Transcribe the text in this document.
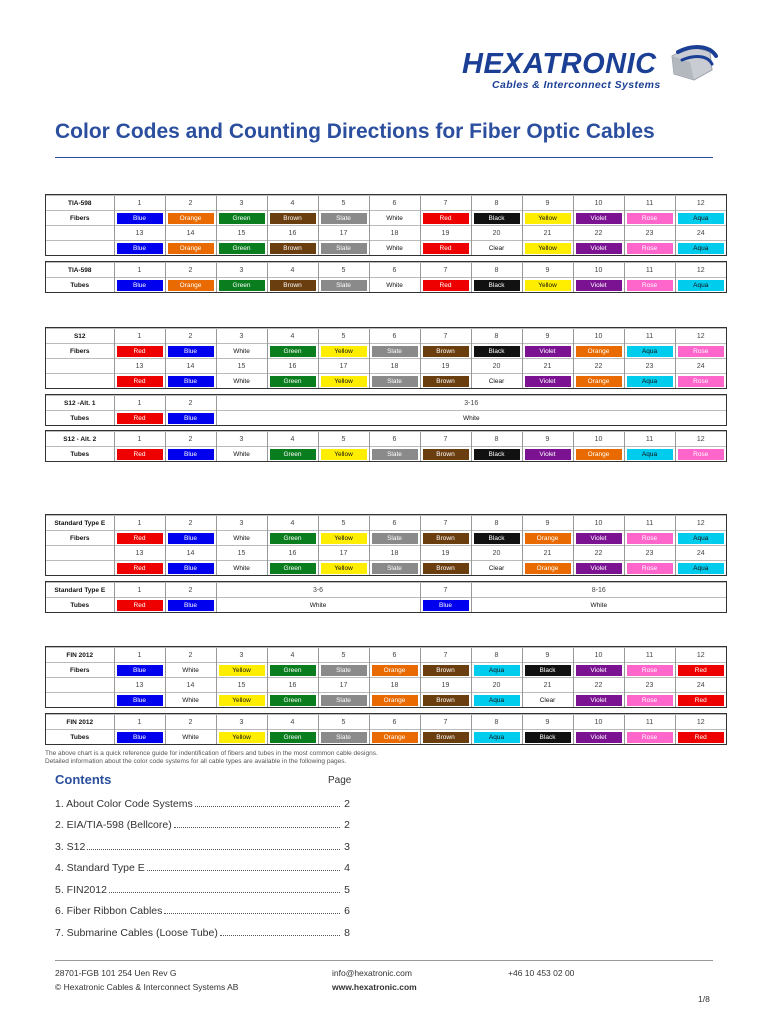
HEXATRONIC
Cables & Interconnect Systems
Color Codes and Counting Directions for Fiber Optic Cables
TIA-598	1	2	3	4	5	6	7	8	9	10	11	12
Fibers	Blue	Orange	Green	Brown	Slate	White	Red	Black	Yellow	Violet	Rose	Aqua

	13	14	15	16	17	18	19	20	21	22	23	24

	Blue	Orange	Green	Brown	Slate	White	Red	Clear	Yellow	Violet	Rose	Aqua
TIA-598	1	2	3	4	5	6	7	8	9	10	11	12
Tubes	Blue	Orange	Green	Brown	Slate	White	Red	Black	Yellow	Violet	Rose	Aqua
S12	1	2	3	4	5	6	7	8	9	10	11	12
Fibers	Red	Blue	White	Green	Yellow	Slate	Brown	Black	Violet	Orange	Aqua	Rose

	13	14	15	16	17	18	19	20	21	22	23	24

	Red	Blue	White	Green	Yellow	Slate	Brown	Clear	Violet	Orange	Aqua	Rose
S12 -Alt. 1	1	2	3-16
Tubes	Red	Blue	White
S12 - Alt. 2	1	2	3	4	5	6	7	8	9	10	11	12
Tubes	Red	Blue	White	Green	Yellow	Slate	Brown	Black	Violet	Orange	Aqua	Rose
Standard Type E	1	2	3	4	5	6	7	8	9	10	11	12
Fibers	Red	Blue	White	Green	Yellow	Slate	Brown	Black	Orange	Violet	Rose	Aqua

	13	14	15	16	17	18	19	20	21	22	23	24

	Red	Blue	White	Green	Yellow	Slate	Brown	Clear	Orange	Violet	Rose	Aqua
Standard Type E	1	2	3-6	7	8-16
Tubes	Red	Blue	White	Blue	White
FIN 2012	1	2	3	4	5	6	7	8	9	10	11	12
Fibers	Blue	White	Yellow	Green	Slate	Orange	Brown	Aqua	Black	Violet	Rose	Red

	13	14	15	16	17	18	19	20	21	22	23	24

	Blue	White	Yellow	Green	Slate	Orange	Brown	Aqua	Clear	Violet	Rose	Red
FIN 2012	1	2	3	4	5	6	7	8	9	10	11	12
Tubes	Blue	White	Yellow	Green	Slate	Orange	Brown	Aqua	Black	Violet	Rose	Red
The above chart is a quick reference guide for indentification of fibers and tubes in the most common cable designs.
Detailed information about the color code systems for all cable types are available in the following pages.
Contents	Page
1. About Color Code Systems	2
2. EIA/TIA-598 (Bellcore)	2
3. S12	3
4. Standard Type E	4
5. FIN2012	5
6. Fiber Ribbon Cables	6
7. Submarine Cables (Loose Tube)	8
28701-FGB 101 254 Uen Rev G
© Hexatronic Cables & Interconnect Systems AB
info@hexatronic.com
www.hexatronic.com
+46 10 453 02 00
1/8
